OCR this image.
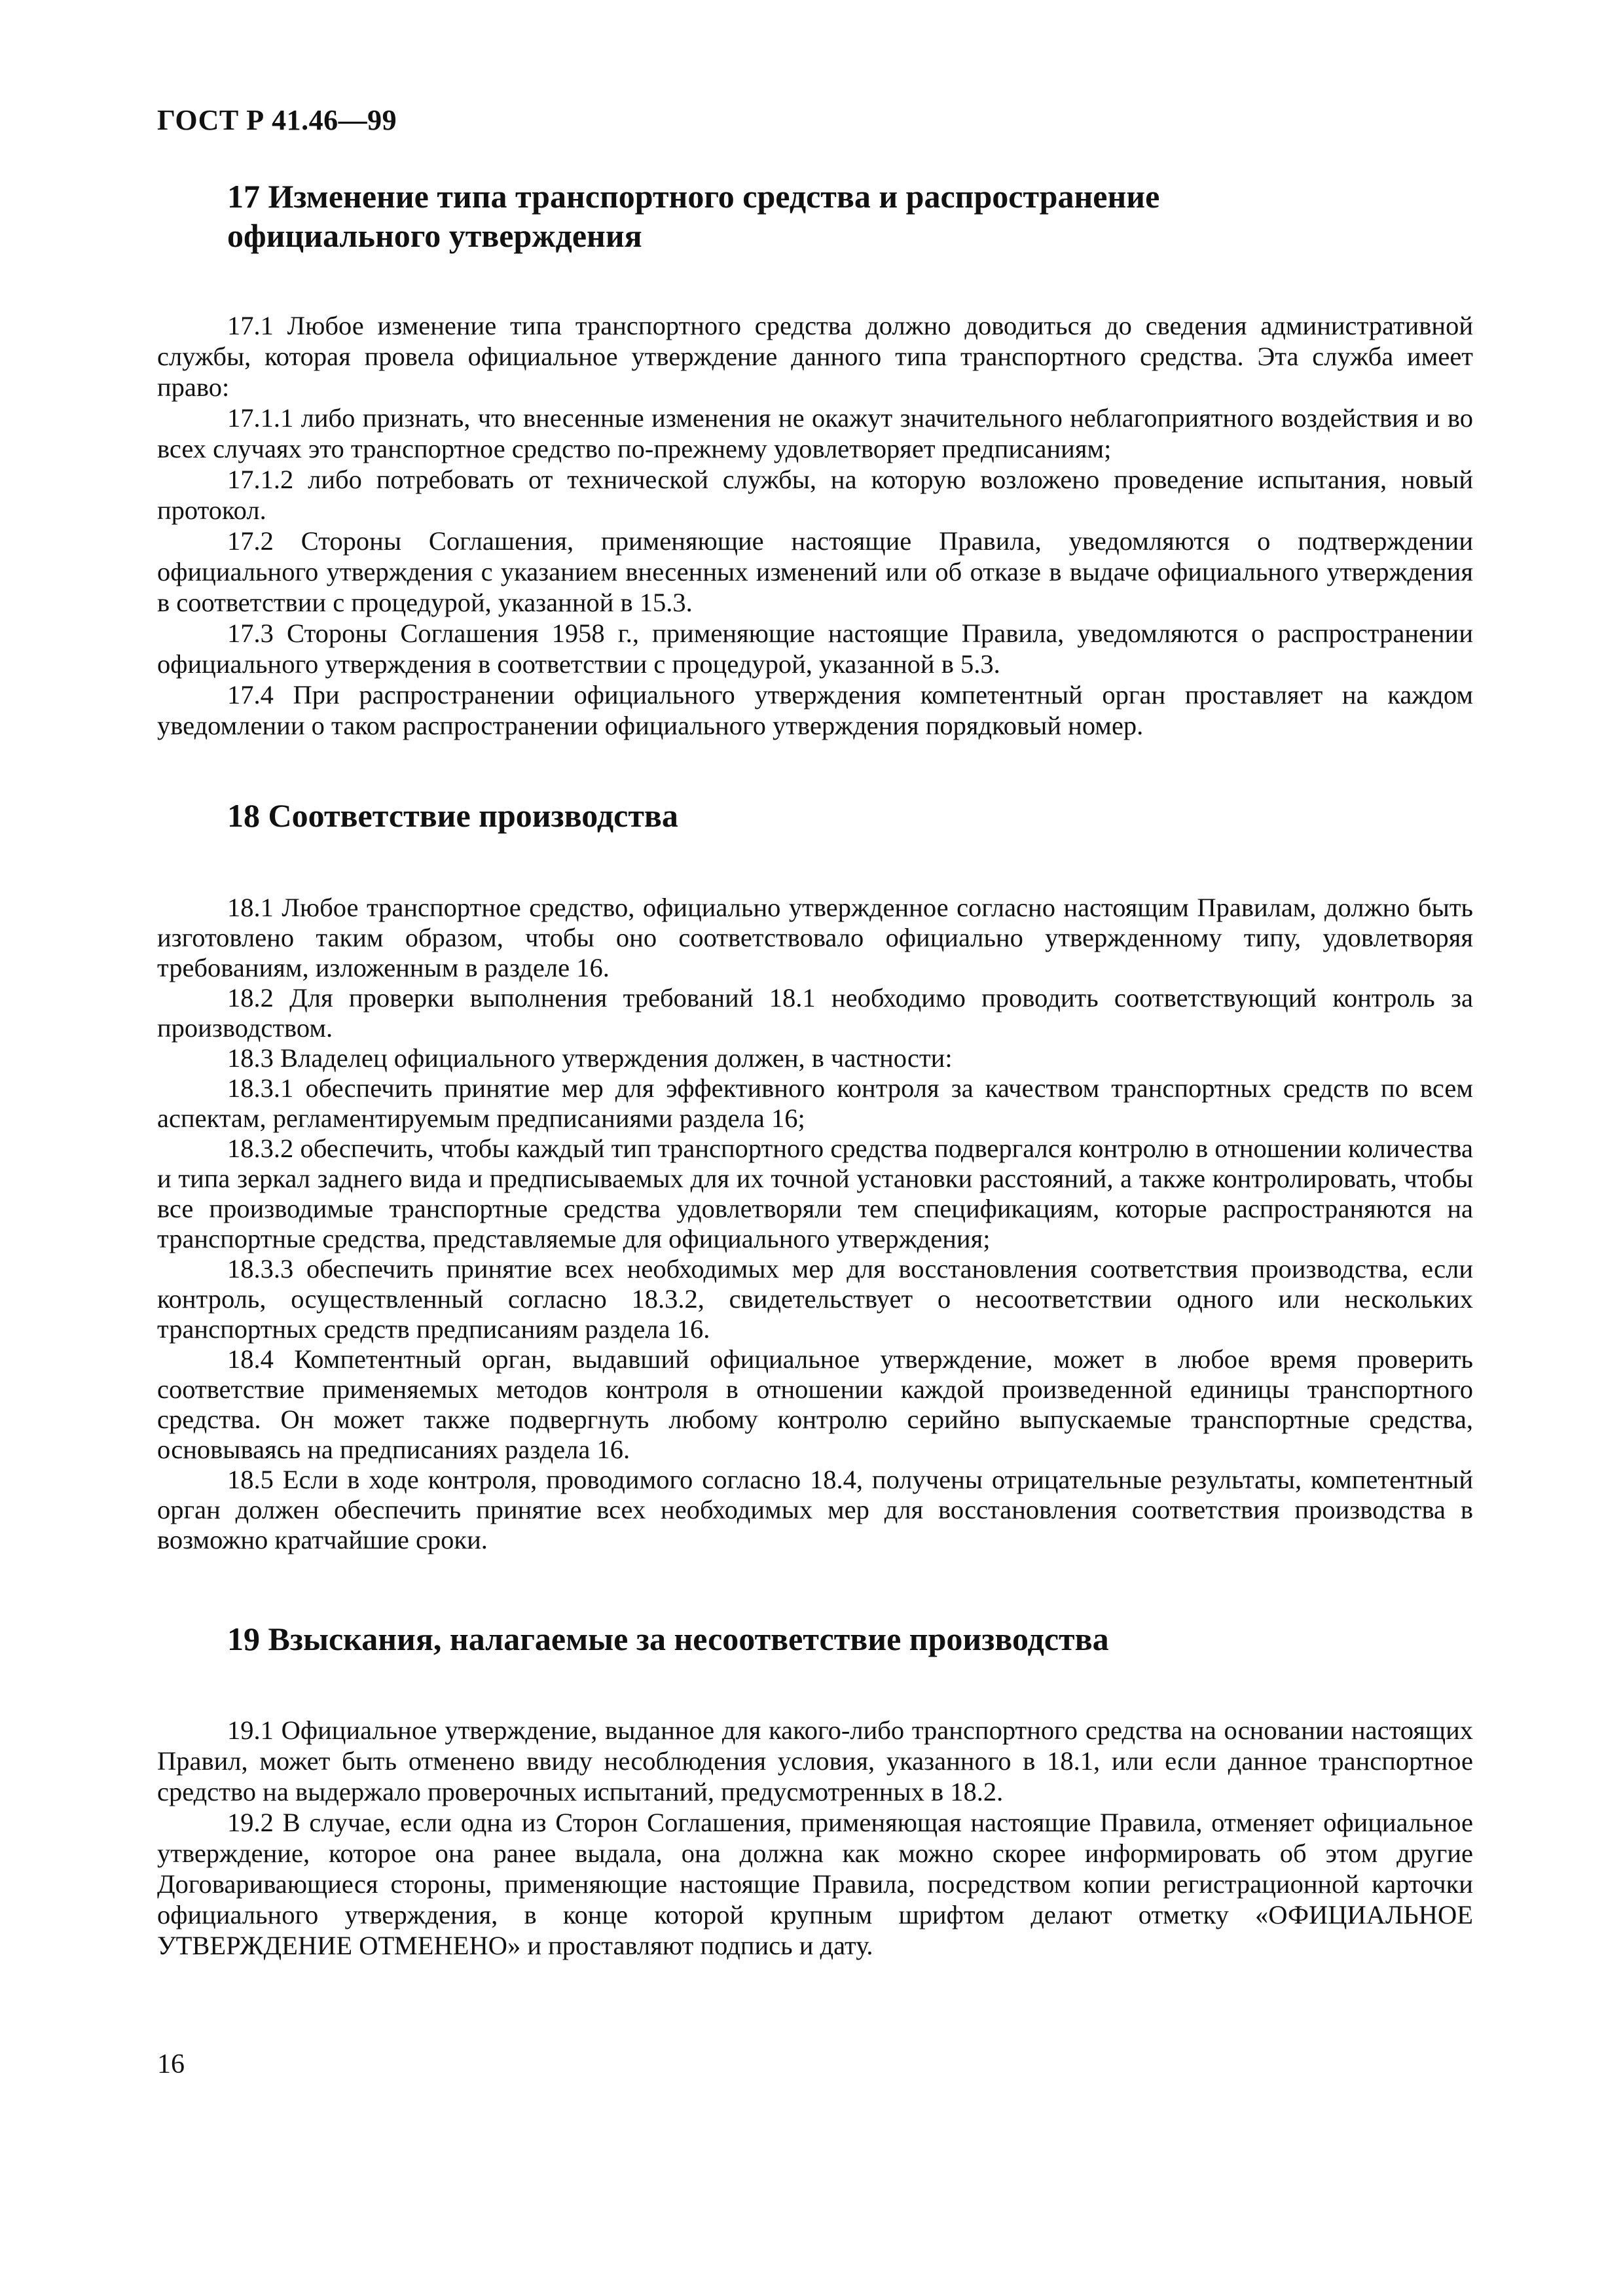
ГОСТ Р 41.46—99
17 Изменение типа транспортного средства и распространение
официального утверждения

17.1 Любое изменение типа транспортного средства должно доводиться до сведения административной службы, которая провела официальное утверждение данного типа транспортного средства. Эта служба имеет право:

17.1.1 либо признать, что внесенные изменения не окажут значительного неблагоприятного воздействия и во всех случаях это транспортное средство по-прежнему удовлетворяет предписаниям;

17.1.2 либо потребовать от технической службы, на которую возложено проведение испытания, новый протокол.

17.2 Стороны Соглашения, применяющие настоящие Правила, уведомляются о подтверждении официального утверждения с указанием внесенных изменений или об отказе в выдаче официального утверждения в соответствии с процедурой, указанной в 15.3.

17.3 Стороны Соглашения 1958 г., применяющие настоящие Правила, уведомляются о распространении официального утверждения в соответствии с процедурой, указанной в 5.3.

17.4 При распространении официального утверждения компетентный орган проставляет на каждом уведомлении о таком распространении официального утверждения порядковый номер.

18 Соответствие производства

18.1 Любое транспортное средство, официально утвержденное согласно настоящим Правилам, должно быть изготовлено таким образом, чтобы оно соответствовало официально утвержденному типу, удовлетворяя требованиям, изложенным в разделе 16.

18.2 Для проверки выполнения требований 18.1 необходимо проводить соответствующий контроль за производством.

18.3 Владелец официального утверждения должен, в частности:

18.3.1 обеспечить принятие мер для эффективного контроля за качеством транспортных средств по всем аспектам, регламентируемым предписаниями раздела 16;

18.3.2 обеспечить, чтобы каждый тип транспортного средства подвергался контролю в отношении количества и типа зеркал заднего вида и предписываемых для их точной установки расстояний, а также контролировать, чтобы все производимые транспортные средства удовлетворяли тем спецификациям, которые распространяются на транспортные средства, представляемые для официального утверждения;

18.3.3 обеспечить принятие всех необходимых мер для восстановления соответствия производства, если контроль, осуществленный согласно 18.3.2, свидетельствует о несоответствии одного или нескольких транспортных средств предписаниям раздела 16.

18.4 Компетентный орган, выдавший официальное утверждение, может в любое время проверить соответствие применяемых методов контроля в отношении каждой произведенной единицы транспортного средства. Он может также подвергнуть любому контролю серийно выпускаемые транспортные средства, основываясь на предписаниях раздела 16.

18.5 Если в ходе контроля, проводимого согласно 18.4, получены отрицательные результаты, компетентный орган должен обеспечить принятие всех необходимых мер для восстановления соответствия производства в возможно кратчайшие сроки.

19 Взыскания, налагаемые за несоответствие производства

19.1 Официальное утверждение, выданное для какого-либо транспортного средства на основании настоящих Правил, может быть отменено ввиду несоблюдения условия, указанного в 18.1, или если данное транспортное средство на выдержало проверочных испытаний, предусмотренных в 18.2.

19.2 В случае, если одна из Сторон Соглашения, применяющая настоящие Правила, отменяет официальное утверждение, которое она ранее выдала, она должна как можно скорее информировать об этом другие Договаривающиеся стороны, применяющие настоящие Правила, посредством копии регистрационной карточки официального утверждения, в конце которой крупным шрифтом делают отметку «ОФИЦИАЛЬНОЕ УТВЕРЖДЕНИЕ ОТМЕНЕНО» и проставляют подпись и дату.

16
